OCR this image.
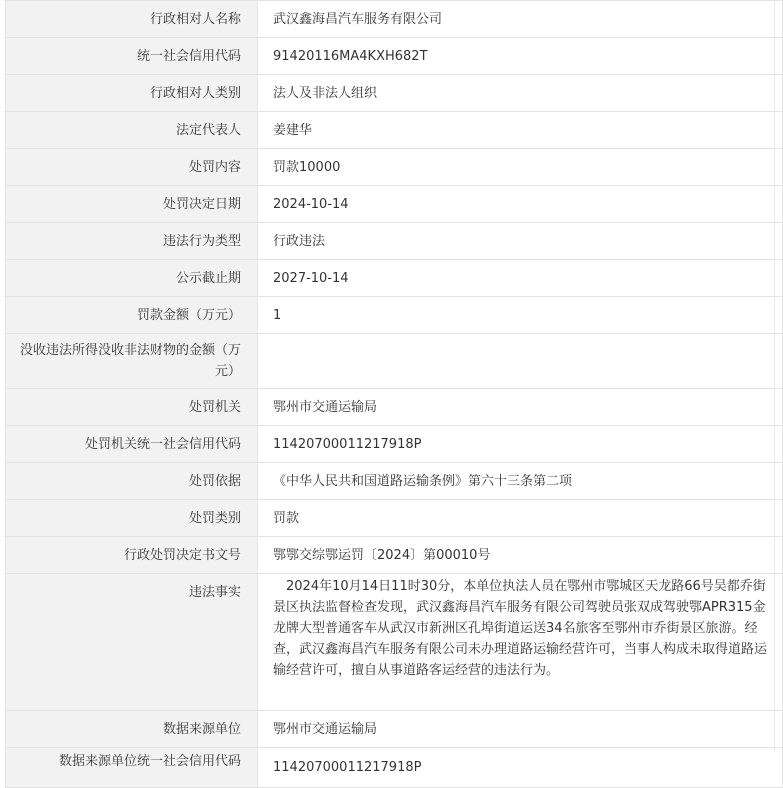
行政相对人名称	武汉鑫海昌汽车服务有限公司
统一社会信用代码	91420116MA4KXH682T
行政相对人类别	法人及非法人组织
法定代表人	姜建华
处罚内容	罚款10000
处罚决定日期	2024-10-14
违法行为类型	行政违法
公示截止期	2027-10-14
罚款金额（万元）	1
没收违法所得没收非法财物的金额（万元）	
处罚机关	鄂州市交通运输局
处罚机关统一社会信用代码	11420700011217918P
处罚依据	《中华人民共和国道路运输条例》第六十三条第二项
处罚类别	罚款
行政处罚决定书文号	鄂鄂交综鄂运罚〔2024〕第00010号
违法事实	2024年10月14日11时30分，本单位执法人员在鄂州市鄂城区天龙路66号吴都乔街景区执法监督检查发现，武汉鑫海昌汽车服务有限公司驾驶员张双成驾驶鄂APR315金龙牌大型普通客车从武汉市新洲区孔埠街道运送34名旅客至鄂州市乔街景区旅游。经查，武汉鑫海昌汽车服务有限公司未办理道路运输经营许可，当事人构成未取得道路运输经营许可，擅自从事道路客运经营的违法行为。
数据来源单位	鄂州市交通运输局
数据来源单位统一社会信用代码	11420700011217918P
